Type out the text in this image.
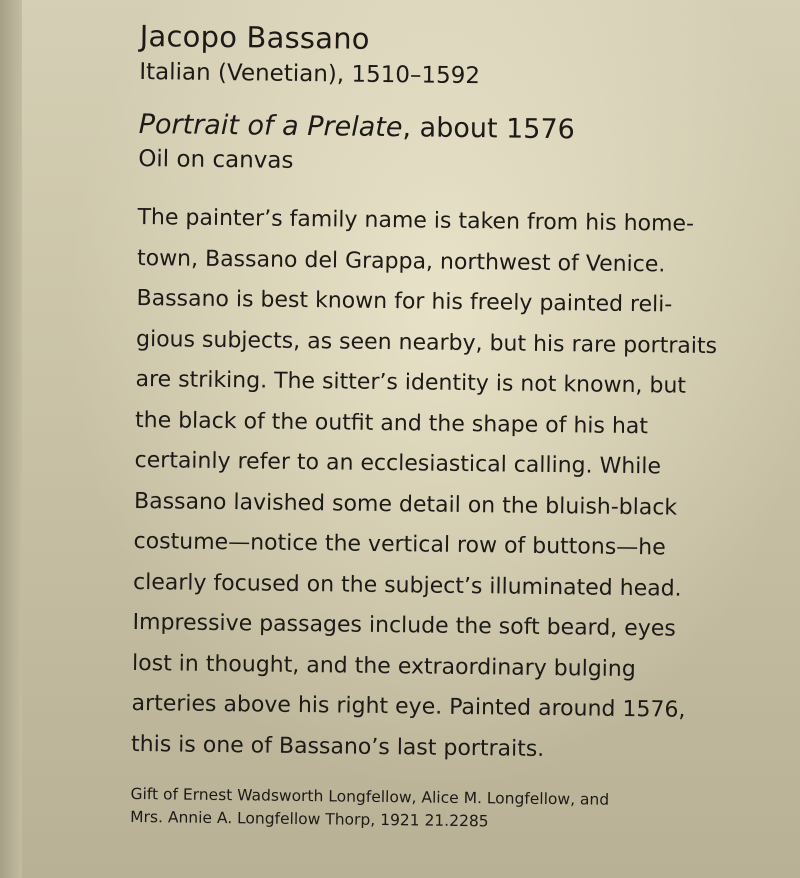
Jacopo Bassano
Italian (Venetian), 1510–1592
Portrait of a Prelate, about 1576
Oil on canvas
The painter’s family name is taken from his home-
town, Bassano del Grappa, northwest of Venice.
Bassano is best known for his freely painted reli-
gious subjects, as seen nearby, but his rare portraits
are striking. The sitter’s identity is not known, but
the black of the outfit and the shape of his hat
certainly refer to an ecclesiastical calling. While
Bassano lavished some detail on the bluish-black
costume—notice the vertical row of buttons—he
clearly focused on the subject’s illuminated head.
Impressive passages include the soft beard, eyes
lost in thought, and the extraordinary bulging
arteries above his right eye. Painted around 1576,
this is one of Bassano’s last portraits.
Gift of Ernest Wadsworth Longfellow, Alice M. Longfellow, and
Mrs. Annie A. Longfellow Thorp, 1921 21.2285
